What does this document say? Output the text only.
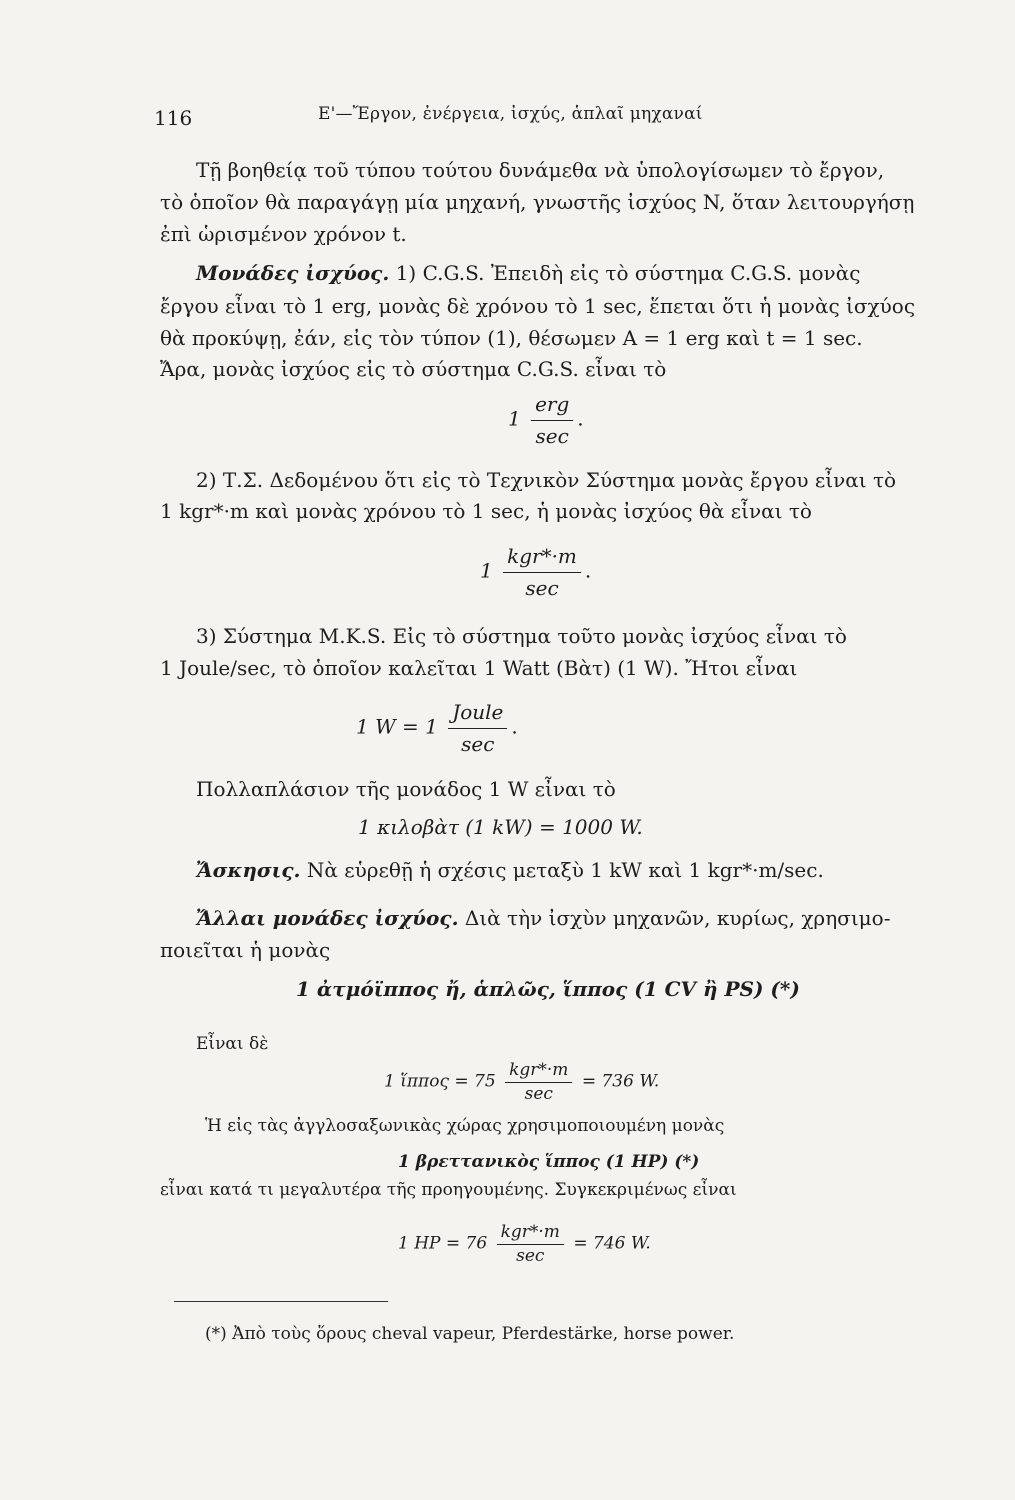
116	Ε'—Ἔργον, ἐνέργεια, ἰσχύς, ἁπλαῖ μηχαναί
Τῇ βοηθείᾳ τοῦ τύπου τούτου δυνάμεθα νὰ ὑπολογίσωμεν τὸ ἔργον,
τὸ ὁποῖον θὰ παραγάγῃ μία μηχανή, γνωστῆς ἰσχύος N, ὅταν λειτουργήσῃ
ἐπὶ ὡρισμένον χρόνον t.
Μονάδες ἰσχύος. 1) C.G.S. Ἐπειδὴ εἰς τὸ σύστημα C.G.S. μονὰς
ἔργου εἶναι τὸ 1 erg, μονὰς δὲ χρόνου τὸ 1 sec, ἕπεται ὅτι ἡ μονὰς ἰσχύος
θὰ προκύψῃ, ἐάν, εἰς τὸν τύπον (1), θέσωμεν A = 1 erg καὶ t = 1 sec.
Ἄρα, μονὰς ἰσχύος εἰς τὸ σύστημα C.G.S. εἶναι τὸ
$1 \frac{\text{erg}}{\sec}$ .
2) Τ.Σ. Δεδομένου ὅτι εἰς τὸ Τεχνικὸν Σύστημα μονὰς ἔργου εἶναι τὸ
1 kgr*·m καὶ μονὰς χρόνου τὸ 1 sec, ἡ μονὰς ἰσχύος θὰ εἶναι τὸ
$1 \frac{\text{kgr*·m}}{\sec}$ .
3) Σύστημα M.K.S. Εἰς τὸ σύστημα τοῦτο μονὰς ἰσχύος εἶναι τὸ
1 Joule/sec, τὸ ὁποῖον καλεῖται 1 Watt (Βὰτ) (1 W). Ἤτοι εἶναι
1 $W = 1 \frac{\text{Joule}}{\sec}$ .
Πολλαπλάσιον τῆς μονάδος 1 W εἶναι τὸ
1 κιλοβὰτ (1 kW) = 1000 W.
Ἄσκησις. Νὰ εὑρεθῇ ἡ σχέσις μεταξὺ 1 kW καὶ 1 kgr*·m/sec.
Ἄλλαι μονάδες ἰσχύος. Διὰ τὴν ἰσχὺν μηχανῶν, κυρίως, χρησιμο-
ποιεῖται ἡ μονὰς
1 ἀτμόϊππος ἤ, ἁπλῶς, ἵππος (1 CV ἢ PS) (*)
Εἶναι δὲ
1 ἵππος = $75 \frac{\text{kgr*·m}}{\sec} = 736$ W.
Ἡ εἰς τὰς ἀγγλοσαξωνικὰς χώρας χρησιμοποιουμένη μονὰς
1 βρεττανικὸς ἵππος (1 HP) (*)
εἶναι κατά τι μεγαλυτέρα τῆς προηγουμένης. Συγκεκριμένως εἶναι
1 HP = $76 \frac{\text{kgr*·m}}{\sec} = 746$ W.
(*) Ἀπὸ τοὺς ὅρους cheval vapeur, Pferdestärke, horse power.
